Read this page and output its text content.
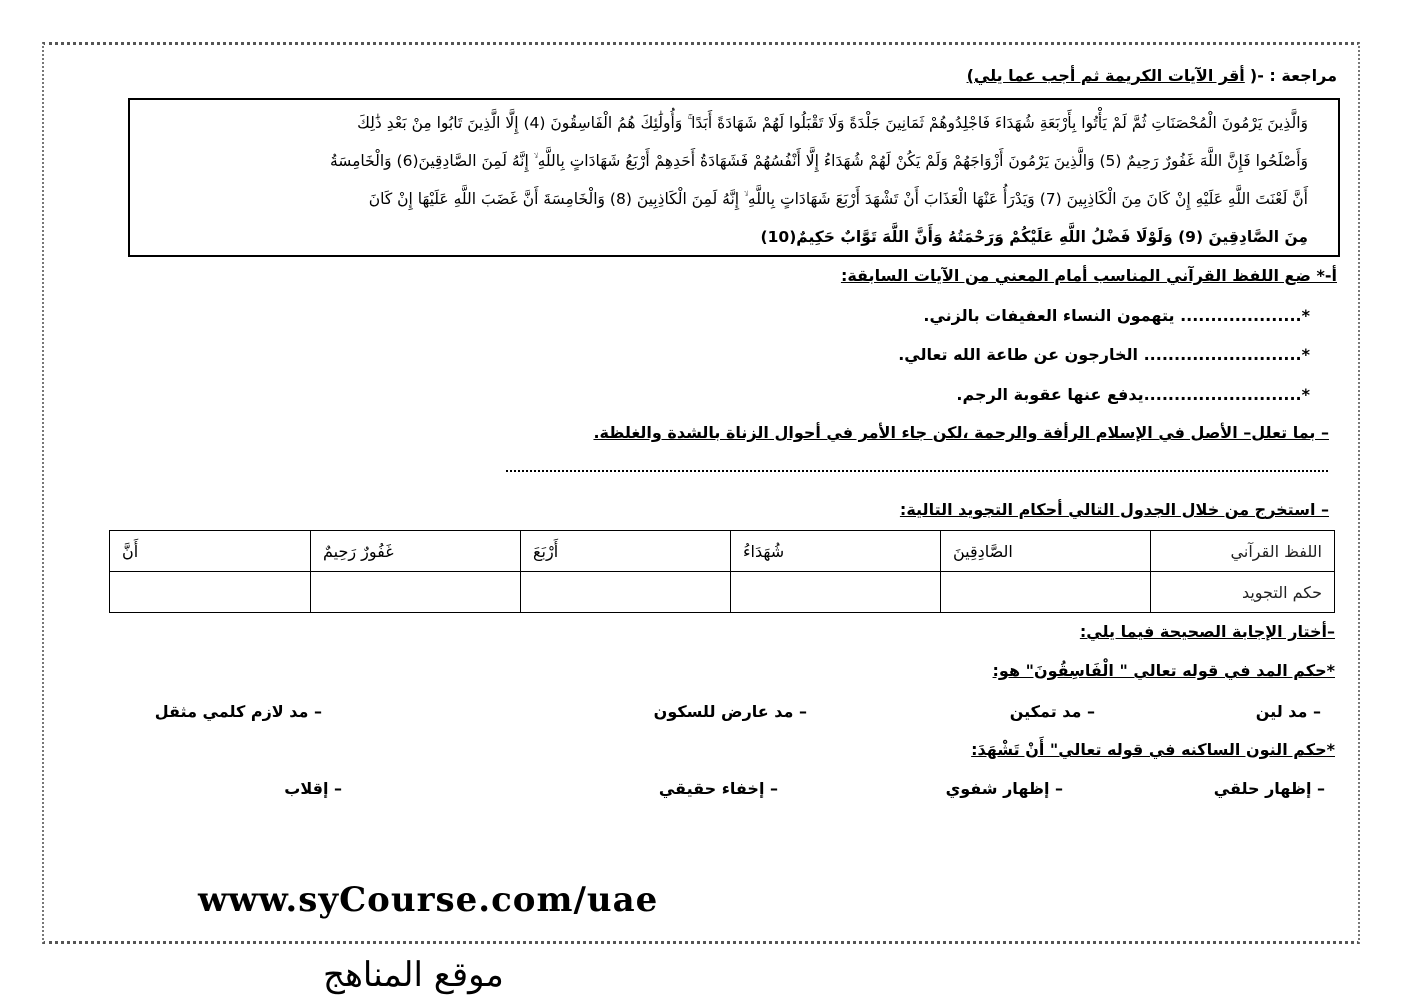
مراجعة : -( أقر الآيات الكريمة ثم أجب عما يلي)
وَالَّذِينَ يَرْمُونَ الْمُحْصَنَاتِ ثُمَّ لَمْ يَأْتُوا بِأَرْبَعَةِ شُهَدَاءَ فَاجْلِدُوهُمْ ثَمَانِينَ جَلْدَةً وَلَا تَقْبَلُوا لَهُمْ شَهَادَةً أَبَدًا ۚ وَأُولَٰئِكَ هُمُ الْفَاسِقُونَ (4) إِلَّا الَّذِينَ تَابُوا مِنْ بَعْدِ ذَٰلِكَ
وَأَصْلَحُوا فَإِنَّ اللَّهَ غَفُورٌ رَحِيمٌ (5) وَالَّذِينَ يَرْمُونَ أَزْوَاجَهُمْ وَلَمْ يَكُنْ لَهُمْ شُهَدَاءُ إِلَّا أَنْفُسُهُمْ فَشَهَادَةُ أَحَدِهِمْ أَرْبَعُ شَهَادَاتٍ بِاللَّهِ ۙ إِنَّهُ لَمِنَ الصَّادِقِينَ(6) وَالْخَامِسَةُ
أَنَّ لَعْنَتَ اللَّهِ عَلَيْهِ إِنْ كَانَ مِنَ الْكَاذِبِينَ (7) وَيَدْرَأُ عَنْهَا الْعَذَابَ أَنْ تَشْهَدَ أَرْبَعَ شَهَادَاتٍ بِاللَّهِ ۙ إِنَّهُ لَمِنَ الْكَاذِبِينَ (8) وَالْخَامِسَةَ أَنَّ غَضَبَ اللَّهِ عَلَيْهَا إِنْ كَانَ
مِنَ الصَّادِقِينَ (9) وَلَوْلَا فَضْلُ اللَّهِ عَلَيْكُمْ وَرَحْمَتُهُ وَأَنَّ اللَّهَ تَوَّابٌ حَكِيمٌ(10)
أ-* ضع اللفظ القرآني المناسب أمام المعني من الآيات السابقة:
*.................... يتهمون النساء العفيفات بالزني.
*.......................... الخارجون عن طاعة الله تعالي.
*..........................يدفع عنها عقوبة الرجم.
– بما تعلل– الأصل في الإسلام الرأفة والرحمة ،لكن جاء الأمر في أحوال الزناة بالشدة والغلظة.
– استخرج من خلال الجدول التالي أحكام التجويد التالية:
اللفظ القرآني	الصَّادِقِينَ	شُهَدَاءُ	أَرْبَعَ	غَفُورٌ رَحِيمٌ	أَنَّ
حكم التجويد					
–أختار الإجابة الصحيحة فيما يلي:
*حكم المد في قوله تعالي " الْفَاسِقُونَ" هو:
– مد لين
– مد تمكين
– مد عارض للسكون
– مد لازم كلمي مثقل
*حكم النون الساكنه في قوله تعالي" أَنْ تَشْهَدَ:
– إظهار حلقي
– إظهار شفوي
– إخفاء حقيقي
– إقلاب
www.syCourse.com/uae
موقع المناهج
